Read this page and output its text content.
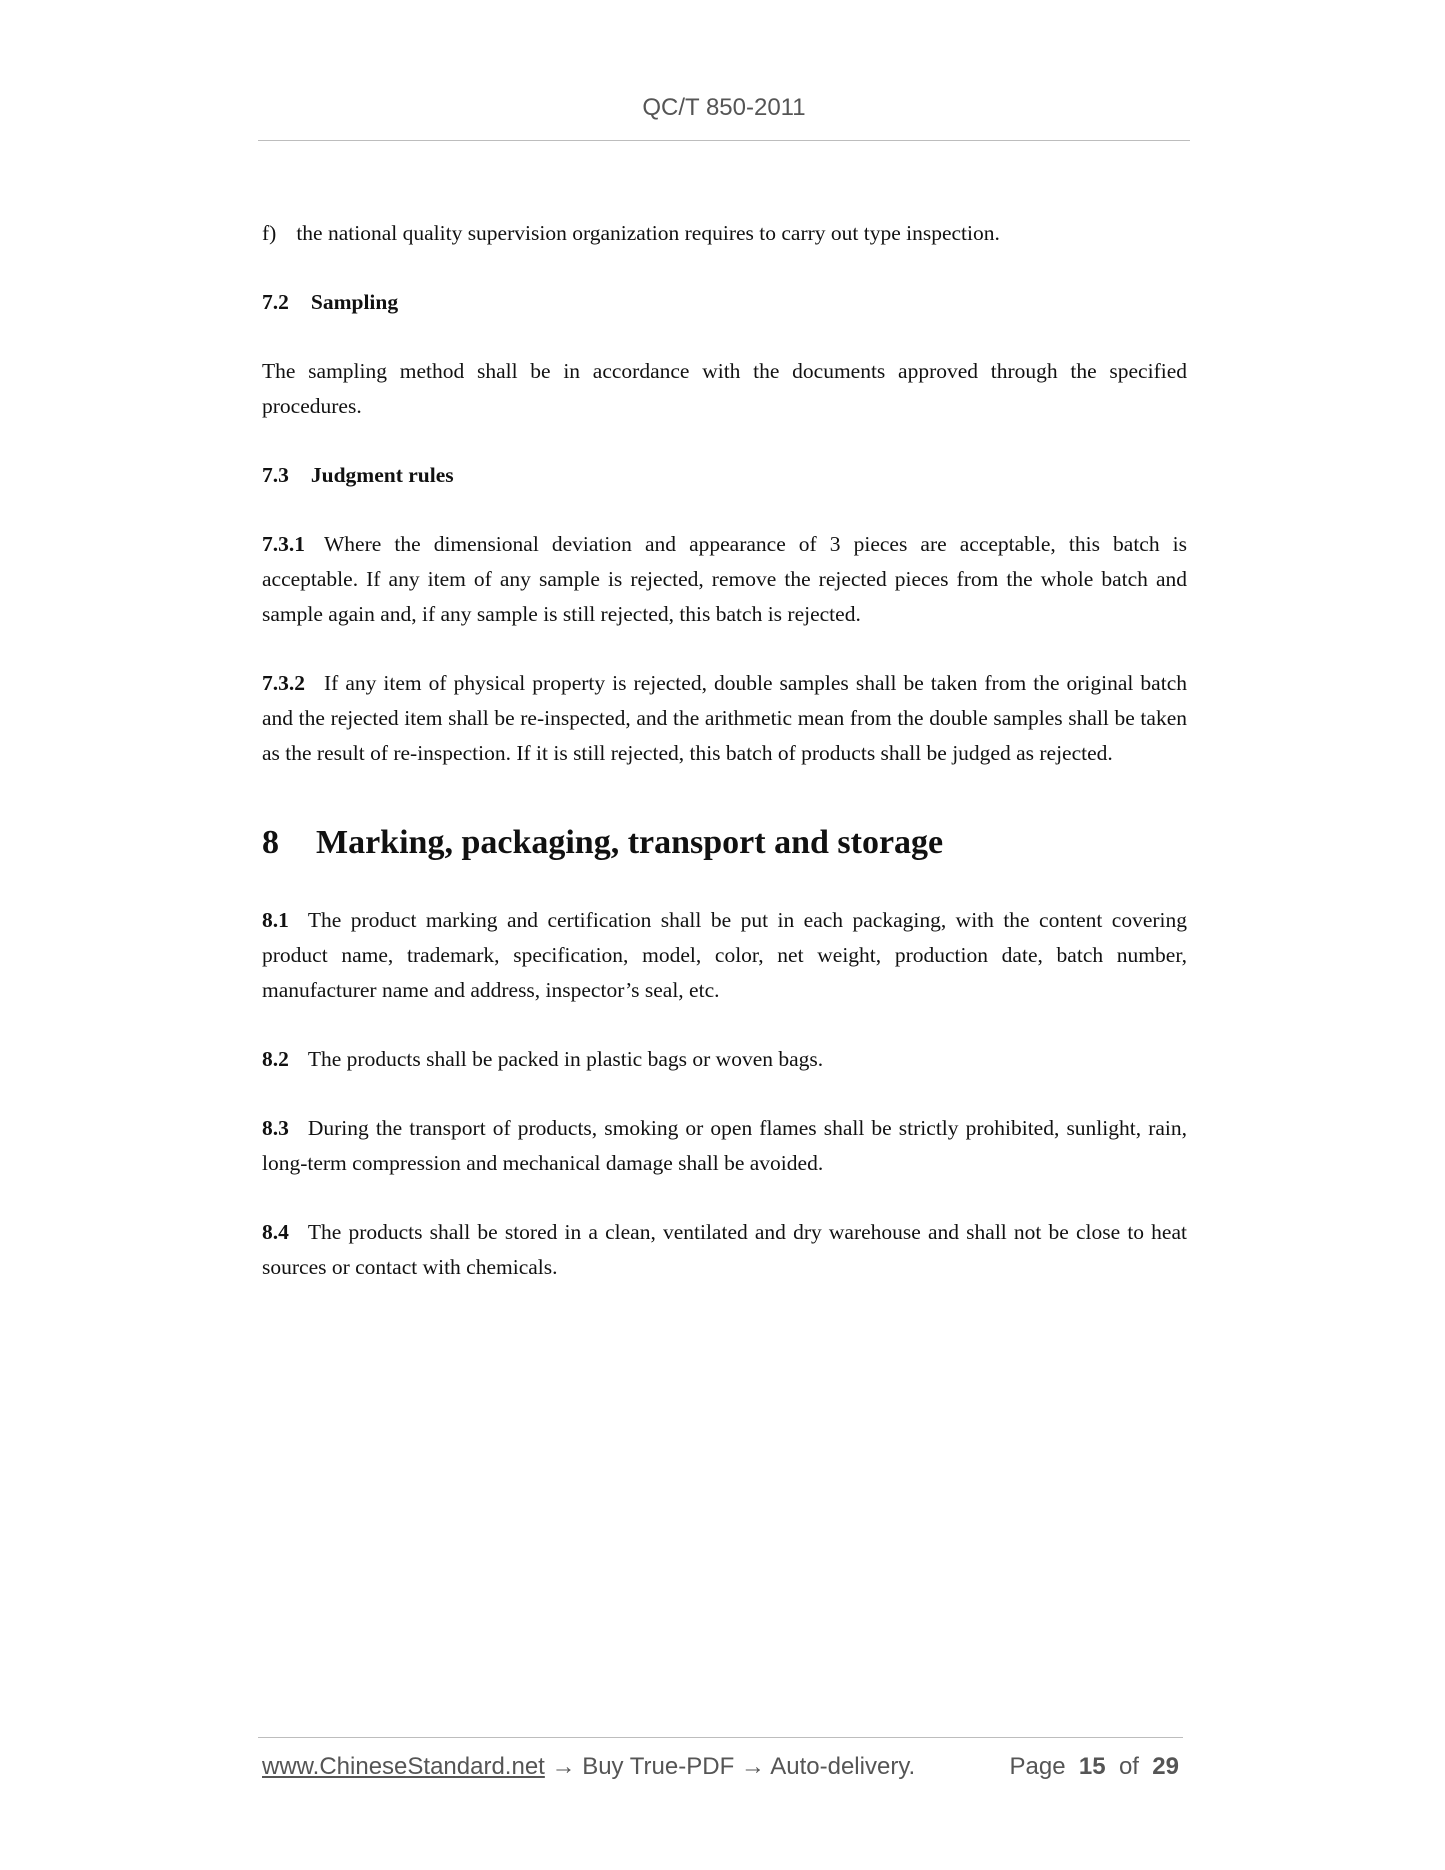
QC/T 850-2011

f) the national quality supervision organization requires to carry out type inspection.

7.2 Sampling

The sampling method shall be in accordance with the documents approved through the specified procedures.

7.3 Judgment rules

7.3.1 Where the dimensional deviation and appearance of 3 pieces are acceptable, this batch is acceptable. If any item of any sample is rejected, remove the rejected pieces from the whole batch and sample again and, if any sample is still rejected, this batch is rejected.

7.3.2 If any item of physical property is rejected, double samples shall be taken from the original batch and the rejected item shall be re-inspected, and the arithmetic mean from the double samples shall be taken as the result of re-inspection. If it is still rejected, this batch of products shall be judged as rejected.

8 Marking, packaging, transport and storage

8.1 The product marking and certification shall be put in each packaging, with the content covering product name, trademark, specification, model, color, net weight, production date, batch number, manufacturer name and address, inspector’s seal, etc.

8.2 The products shall be packed in plastic bags or woven bags.

8.3 During the transport of products, smoking or open flames shall be strictly prohibited, sunlight, rain, long-term compression and mechanical damage shall be avoided.

8.4 The products shall be stored in a clean, ventilated and dry warehouse and shall not be close to heat sources or contact with chemicals.

www.ChineseStandard.net → Buy True-PDF → Auto-delivery.	Page 15 of 29
